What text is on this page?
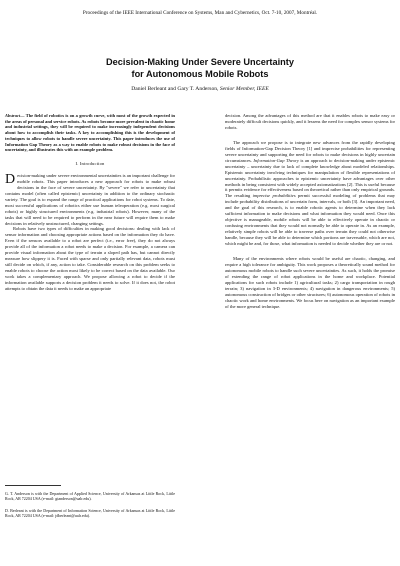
Proceedings of the IEEE International Conference on Systems, Man and Cybernetics, Oct. 7-10, 2007, Montréal.
Decision-Making Under Severe Uncertainty
for Autonomous Mobile Robots
Daniel Berleant and Gary T. Anderson, Senior Member, IEEE

Abstract— The field of robotics is on a growth curve, with most of the growth expected in the areas of personal and service robots. As robots become more prevalent in chaotic home and industrial settings, they will be required to make increasingly independent decisions about how to accomplish their tasks. A key to accomplishing this is the development of techniques to allow robots to handle severe uncertainty. This paper introduces the use of Information Gap Theory as a way to enable robots to make robust decisions in the face of uncertainty, and illustrates this with an example problem.

I. Introduction

Decision-making under severe environmental uncertainties is an important challenge for mobile robots. This paper introduces a new approach for robots to make robust decisions in the face of severe uncertainty. By "severe" we refer to uncertainty that contains model (often called epistemic) uncertainty in addition to the ordinary stochastic variety. The goal is to expand the range of practical applications for robot systems. To date, most successful applications of robotics either use human teleoperation (e.g. most surgical robots) or highly structured environments (e.g. industrial robots). However, many of the tasks that will need to be required to perform in the near future will require them to make decisions in relatively unstructured, changing settings.

Robots have two types of difficulties in making good decisions: dealing with lack of sensor information and choosing appropriate actions based on the information they do have. Even if the sensors available to a robot are perfect (i.e., error free), they do not always provide all of the information a robot needs to make a decision. For example, a camera can provide visual information about the type of terrain a sloped path has, but cannot directly measure how slippery it is. Faced with sparse and only partially relevant data, robots must still decide on which, if any, action to take. Considerable research on this problem seeks to enable robots to choose the action most likely to be correct based on the data available. Our work takes a complementary approach. We propose allowing a robot to decide if the information available supports a decision problem it needs to solve. If it does not, the robot attempts to obtain the data it needs to make an appropriate

G. T. Anderson is with the Department of Applied Science, University of Arkansas at Little Rock, Little Rock, AR 72204 USA (e-mail: gtanderson@ualr.edu).
D. Berleant is with the Department of Information Science, University of Arkansas at Little Rock, Little Rock, AR 72204 USA (e-mail: jdberleant@ualr.edu).

decision. Among the advantages of this method are that it enables robots to make easy or moderately difficult decisions quickly, and it lessens the need for complex sensor systems for robots.

The approach we propose is to integrate new advances from the rapidly developing fields of Information-Gap Decision Theory [1] and imprecise probabilities for representing severe uncertainty and supporting the need for robots to make decisions in highly uncertain circumstances. Information-Gap Theory is an approach to decision-making under epistemic uncertainty – uncertainty due to lack of complete knowledge about modeled relationships. Epistemic uncertainty involving techniques for manipulation of flexible representations of uncertainty. Probabilistic approaches to epistemic uncertainty have advantages over other methods in being consistent with widely accepted axiomatizations [2]. This is useful because it permits evidence for effectiveness based on theoretical rather than only empirical grounds. The resulting imprecise probabilities permit successful modeling of problems that may include probability distributions of uncertain form, intervals, or both [3]. An important need, and the goal of this research, is to enable robotic agents to determine when they lack sufficient information to make decisions and what information they would need. Once this objective is manageable, mobile robots will be able to effectively operate in chaotic or confusing environments that they would not normally be able to operate in. As an example, relatively simple robots will be able to traverse paths over terrain they could not otherwise handle, because they will be able to determine which portions are traversable, which are not, which might be and, for those, what information is needed to decide whether they are or not.

Many of the environments where robots would be useful are chaotic, changing, and require a high tolerance for ambiguity. This work proposes a theoretically sound method for autonomous mobile robots to handle such severe uncertainties. As such, it holds the promise of extending the range of robot applications in the home and workplace. Potential applications for such robots include 1) agricultural tasks; 2) cargo transportation in rough terrain; 3) navigation in 3-D environments; 4) navigation in dangerous environments; 5) autonomous construction of bridges or other structures; 6) autonomous operation of robots in chaotic work and home environments. We focus here on navigation as an important example of the more general technique.
